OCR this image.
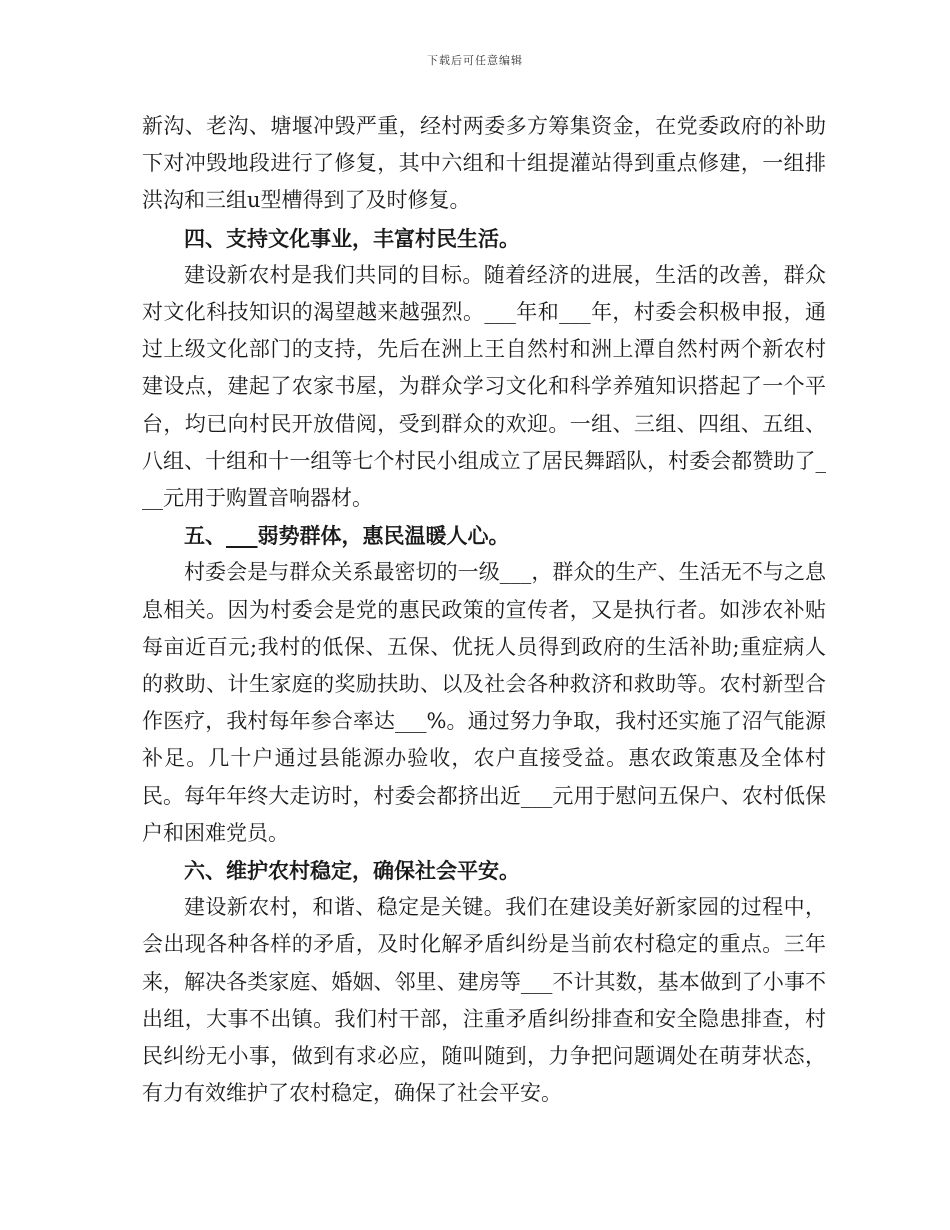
下载后可任意编辑

新沟、老沟、塘堰冲毁严重，经村两委多方筹集资金，在党委政府的补助下对冲毁地段进行了修复，其中六组和十组提灌站得到重点修建，一组排洪沟和三组u型槽得到了及时修复。

四、支持文化事业，丰富村民生活。

建设新农村是我们共同的目标。随着经济的进展，生活的改善，群众对文化科技知识的渴望越来越强烈。___年和___年，村委会积极申报，通过上级文化部门的支持，先后在洲上王自然村和洲上潭自然村两个新农村建设点，建起了农家书屋，为群众学习文化和科学养殖知识搭起了一个平台，均已向村民开放借阅，受到群众的欢迎。一组、三组、四组、五组、八组、十组和十一组等七个村民小组成立了居民舞蹈队，村委会都赞助了___元用于购置音响器材。

五、___弱势群体，惠民温暖人心。

村委会是与群众关系最密切的一级___，群众的生产、生活无不与之息息相关。因为村委会是党的惠民政策的宣传者，又是执行者。如涉农补贴每亩近百元;我村的低保、五保、优抚人员得到政府的生活补助;重症病人的救助、计生家庭的奖励扶助、以及社会各种救济和救助等。农村新型合作医疗，我村每年参合率达___%。通过努力争取，我村还实施了沼气能源补足。几十户通过县能源办验收，农户直接受益。惠农政策惠及全体村民。每年年终大走访时，村委会都挤出近___元用于慰问五保户、农村低保户和困难党员。

六、维护农村稳定，确保社会平安。

建设新农村，和谐、稳定是关键。我们在建设美好新家园的过程中，会出现各种各样的矛盾，及时化解矛盾纠纷是当前农村稳定的重点。三年来，解决各类家庭、婚姻、邻里、建房等___不计其数，基本做到了小事不出组，大事不出镇。我们村干部，注重矛盾纠纷排查和安全隐患排查，村民纠纷无小事，做到有求必应，随叫随到，力争把问题调处在萌芽状态，有力有效维护了农村稳定，确保了社会平安。
